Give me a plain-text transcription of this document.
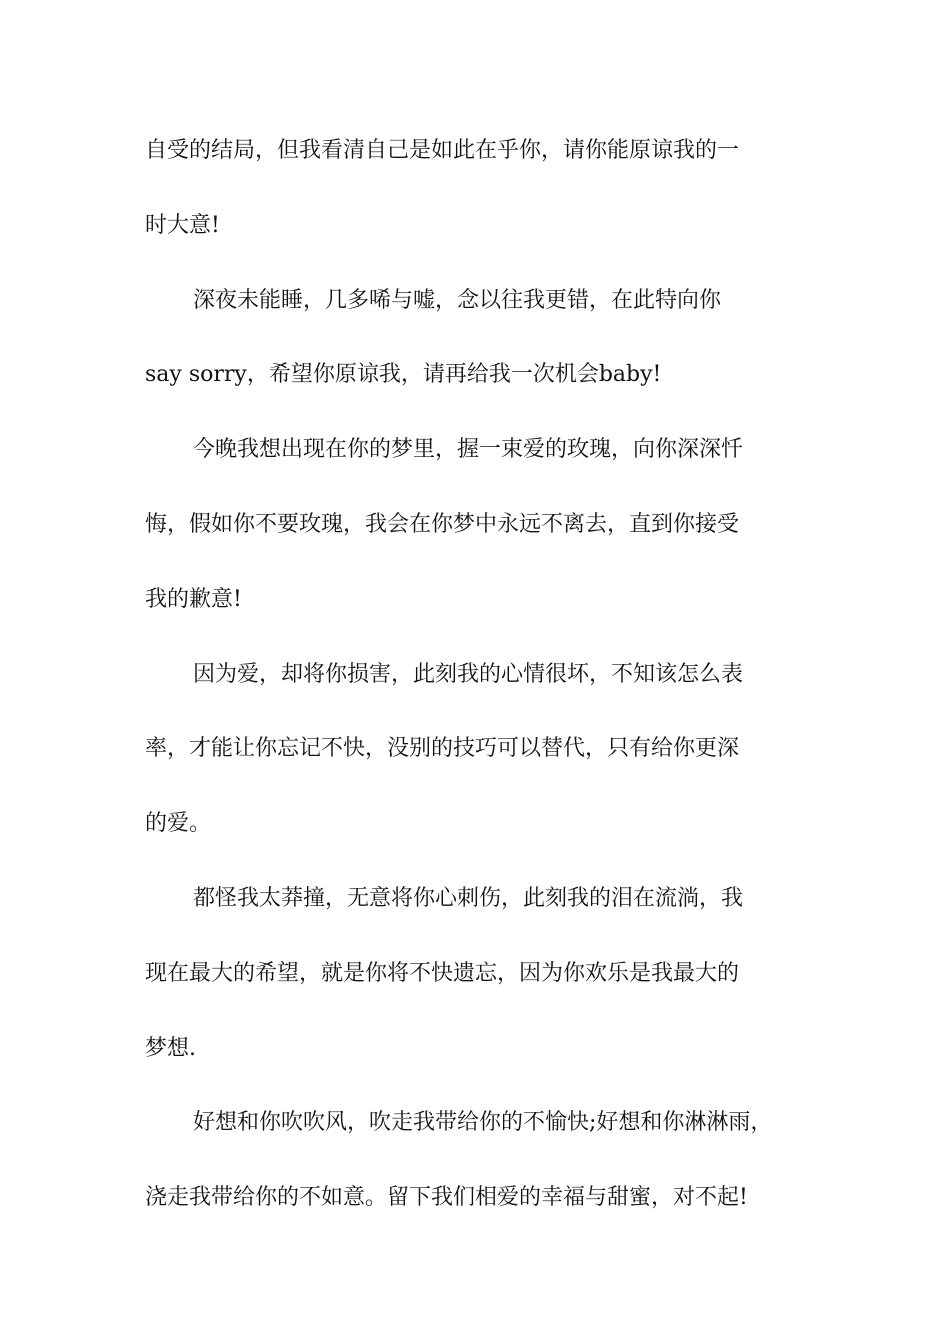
自受的结局，但我看清自己是如此在乎你，请你能原谅我的一
时大意!
深夜未能睡，几多唏与嘘，念以往我更错，在此特向你
say sorry，希望你原谅我，请再给我一次机会baby!
今晚我想出现在你的梦里，握一束爱的玫瑰，向你深深忏
悔，假如你不要玫瑰，我会在你梦中永远不离去，直到你接受
我的歉意!
因为爱，却将你损害，此刻我的心情很坏，不知该怎么表
率，才能让你忘记不快，没别的技巧可以替代，只有给你更深
的爱。
都怪我太莽撞，无意将你心刺伤，此刻我的泪在流淌，我
现在最大的希望，就是你将不快遗忘，因为你欢乐是我最大的
梦想.
好想和你吹吹风，吹走我带给你的不愉快;好想和你淋淋雨，
浇走我带给你的不如意。留下我们相爱的幸福与甜蜜，对不起!
